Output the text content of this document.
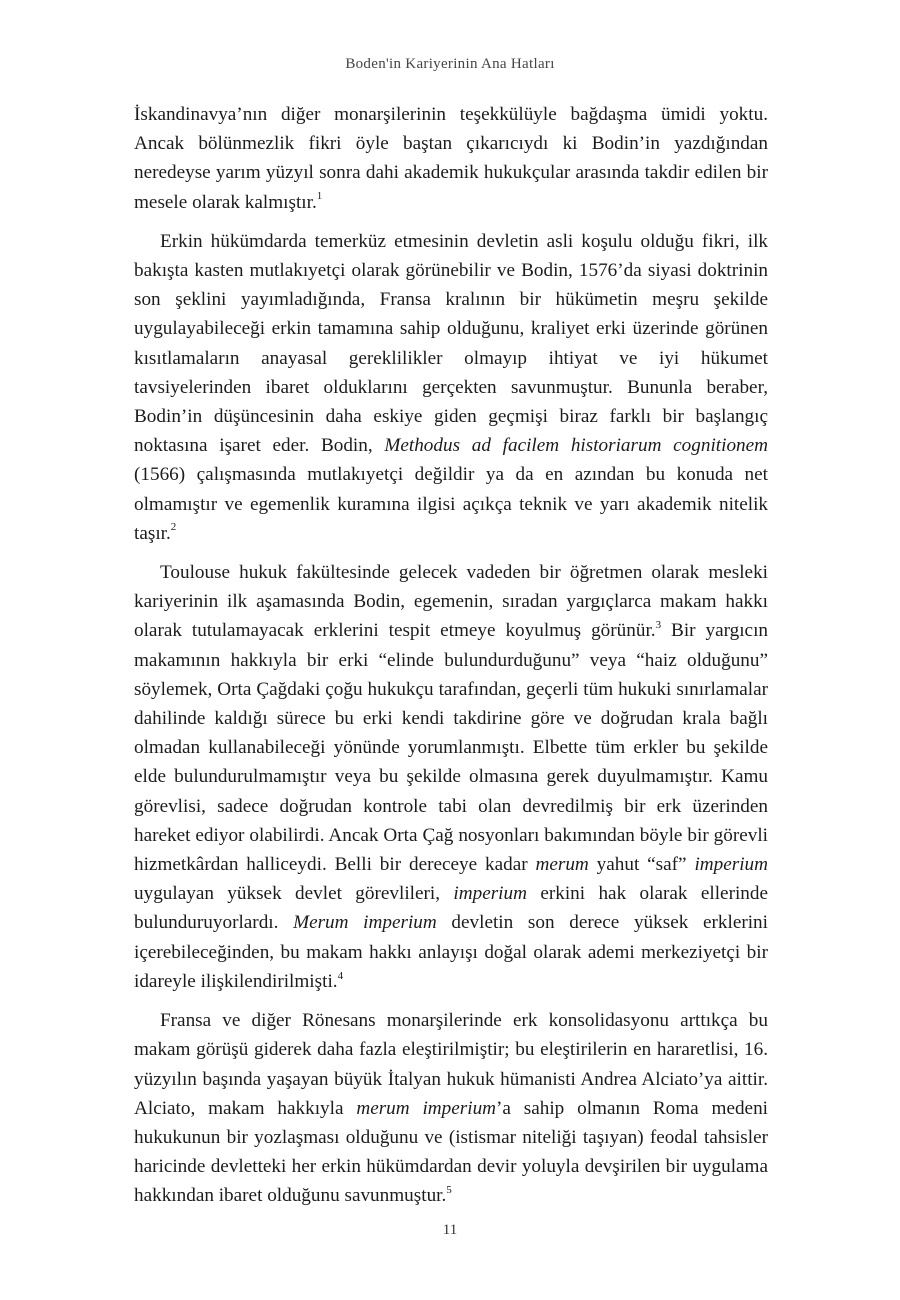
Boden'in Kariyerinin Ana Hatları

İskandinavya’nın diğer monarşilerinin teşekkülüyle bağdaşma ümidi yoktu. Ancak bölünmezlik fikri öyle baştan çıkarıcıydı ki Bodin’in yazdığından neredeyse yarım yüzyıl sonra dahi akademik hukukçular arasında takdir edilen bir mesele olarak kalmıştır.$^1$

Erkin hükümdarda temerküz etmesinin devletin asli koşulu olduğu fikri, ilk bakışta kasten mutlakıyetçi olarak görünebilir ve Bodin, 1576’da siyasi doktrinin son şeklini yayımladığında, Fransa kralının bir hükümetin meşru şekilde uygulayabileceği erkin tamamına sahip olduğunu, kraliyet erki üzerinde görünen kısıtlamaların anayasal gereklilikler olmayıp ihtiyat ve iyi hükumet tavsiyelerinden ibaret olduklarını gerçekten savunmuştur. Bununla beraber, Bodin’in düşüncesinin daha eskiye giden geçmişi biraz farklı bir başlangıç noktasına işaret eder. Bodin, Methodus ad facilem historiarum cognitionem (1566) çalışmasında mutlakıyetçi değildir ya da en azından bu konuda net olmamıştır ve egemenlik kuramına ilgisi açıkça teknik ve yarı akademik nitelik taşır.$^2$

Toulouse hukuk fakültesinde gelecek vadeden bir öğretmen olarak mesleki kariyerinin ilk aşamasında Bodin, egemenin, sıradan yargıçlarca makam hakkı olarak tutulamayacak erklerini tespit etmeye koyulmuş görünür.$^3$ Bir yargıcın makamının hakkıyla bir erki “elinde bulundurduğunu” veya “haiz olduğunu” söylemek, Orta Çağdaki çoğu hukukçu tarafından, geçerli tüm hukuki sınırlamalar dahilinde kaldığı sürece bu erki kendi takdirine göre ve doğrudan krala bağlı olmadan kullanabileceği yönünde yorumlanmıştı. Elbette tüm erkler bu şekilde elde bulundurulmamıştır veya bu şekilde olmasına gerek duyulmamıştır. Kamu görevlisi, sadece doğrudan kontrole tabi olan devredilmiş bir erk üzerinden hareket ediyor olabilirdi. Ancak Orta Çağ nosyonları bakımından böyle bir görevli hizmetkârdan halliceydi. Belli bir dereceye kadar merum yahut “saf” imperium uygulayan yüksek devlet görevlileri, imperium erkini hak olarak ellerinde bulunduruyorlardı. Merum imperium devletin son derece yüksek erklerini içerebileceğinden, bu makam hakkı anlayışı doğal olarak ademi merkeziyetçi bir idareyle ilişkilendirilmişti.$^4$

Fransa ve diğer Rönesans monarşilerinde erk konsolidasyonu arttıkça bu makam görüşü giderek daha fazla eleştirilmiştir; bu eleştirilerin en hararetlisi, 16. yüzyılın başında yaşayan büyük İtalyan hukuk hümanisti Andrea Alciato’ya aittir. Alciato, makam hakkıyla merum imperium’a sahip olmanın Roma medeni hukukunun bir yozlaşması olduğunu ve (istismar niteliği taşıyan) feodal tahsisler haricinde devletteki her erkin hükümdardan devir yoluyla devşirilen bir uygulama hakkından ibaret olduğunu savunmuştur.$^5$

11
